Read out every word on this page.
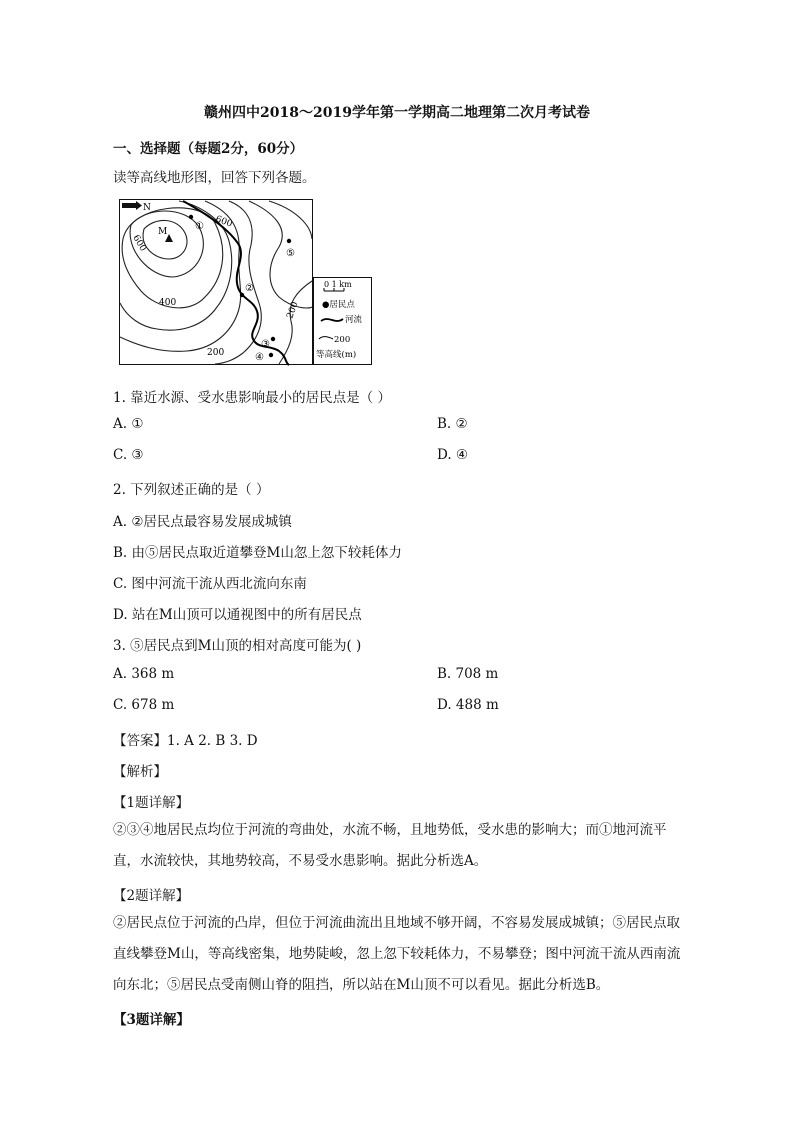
赣州四中2018～2019学年第一学期高二地理第二次月考试卷
一、选择题（每题2分，60分）
读等高线地形图，回答下列各题。
N
M
600
600
400
200
200
①
②
③
④
⑤
0 1 km
●居民点
河流
200
等高线(m)
1. 靠近水源、受水患影响最小的居民点是（ ）
A. ①	B. ②
C. ③	D. ④
2. 下列叙述正确的是（ ）
A. ②居民点最容易发展成城镇
B. 由⑤居民点取近道攀登M山忽上忽下较耗体力
C. 图中河流干流从西北流向东南
D. 站在M山顶可以通视图中的所有居民点
3. ⑤居民点到M山顶的相对高度可能为( )
A. 368 m	B. 708 m
C. 678 m	D. 488 m
【答案】1. A 2. B 3. D
【解析】
【1题详解】
②③④地居民点均位于河流的弯曲处，水流不畅，且地势低，受水患的影响大；而①地河流平直，水流较快，其地势较高，不易受水患影响。据此分析选A。
【2题详解】
②居民点位于河流的凸岸，但位于河流曲流出且地域不够开阔，不容易发展成城镇；⑤居民点取直线攀登M山，等高线密集，地势陡峻，忽上忽下较耗体力，不易攀登；图中河流干流从西南流向东北；⑤居民点受南侧山脊的阻挡，所以站在M山顶不可以看见。据此分析选B。
【3题详解】
